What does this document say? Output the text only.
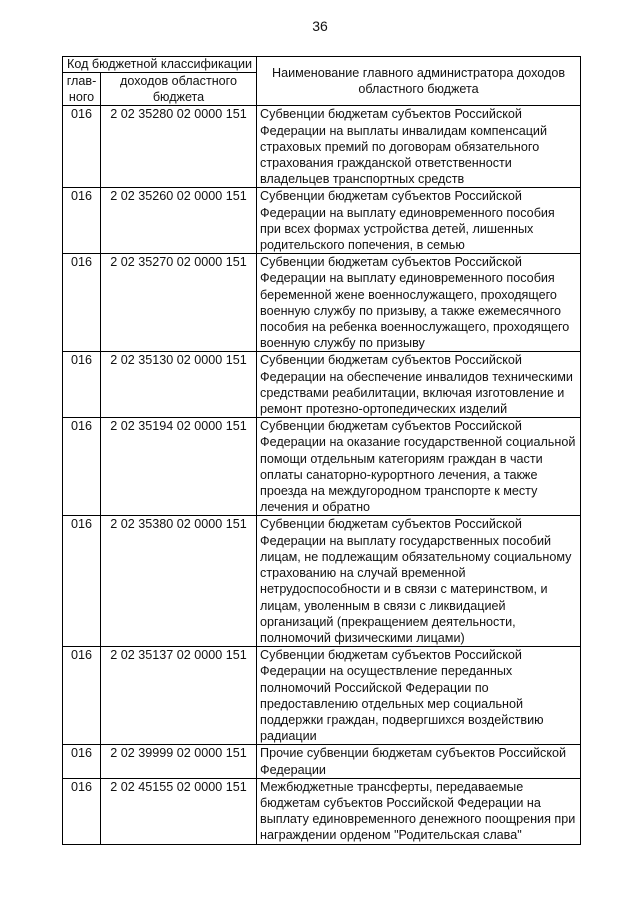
36
Код бюджетной классификации		Наименование главного администратора доходов областного бюджета
глав-ного	доходов областного бюджета	
016	2 02 35280 02 0000 151	Субвенции бюджетам субъектов Российской Федерации на выплаты инвалидам компенсаций страховых премий по договорам обязательного страхования гражданской ответственности владельцев транспортных средств
016	2 02 35260 02 0000 151	Субвенции бюджетам субъектов Российской Федерации на выплату единовременного пособия при всех формах устройства детей, лишенных родительского попечения, в семью
016	2 02 35270 02 0000 151	Субвенции бюджетам субъектов Российской Федерации на выплату единовременного пособия беременной жене военнослужащего, проходящего военную службу по призыву, а также ежемесячного пособия на ребенка военнослужащего, проходящего военную службу по призыву
016	2 02 35130 02 0000 151	Субвенции бюджетам субъектов Российской Федерации на обеспечение инвалидов техническими средствами реабилитации, включая изготовление и ремонт протезно-ортопедических изделий
016	2 02 35194 02 0000 151	Субвенции бюджетам субъектов Российской Федерации на оказание государственной социальной помощи отдельным категориям граждан в части оплаты санаторно-курортного лечения, а также проезда на междугородном транспорте к месту лечения и обратно
016	2 02 35380 02 0000 151	Субвенции бюджетам субъектов Российской Федерации на выплату государственных пособий лицам, не подлежащим обязательному социальному страхованию на случай временной нетрудоспособности и в связи с материнством, и лицам, уволенным в связи с ликвидацией организаций (прекращением деятельности, полномочий физическими лицами)
016	2 02 35137 02 0000 151	Субвенции бюджетам субъектов Российской Федерации на осуществление переданных полномочий Российской Федерации по предоставлению отдельных мер социальной поддержки граждан, подвергшихся воздействию радиации
016	2 02 39999 02 0000 151	Прочие субвенции бюджетам субъектов Российской Федерации
016	2 02 45155 02 0000 151	Межбюджетные трансферты, передаваемые бюджетам субъектов Российской Федерации на выплату единовременного денежного поощрения при награждении орденом "Родительская слава"
